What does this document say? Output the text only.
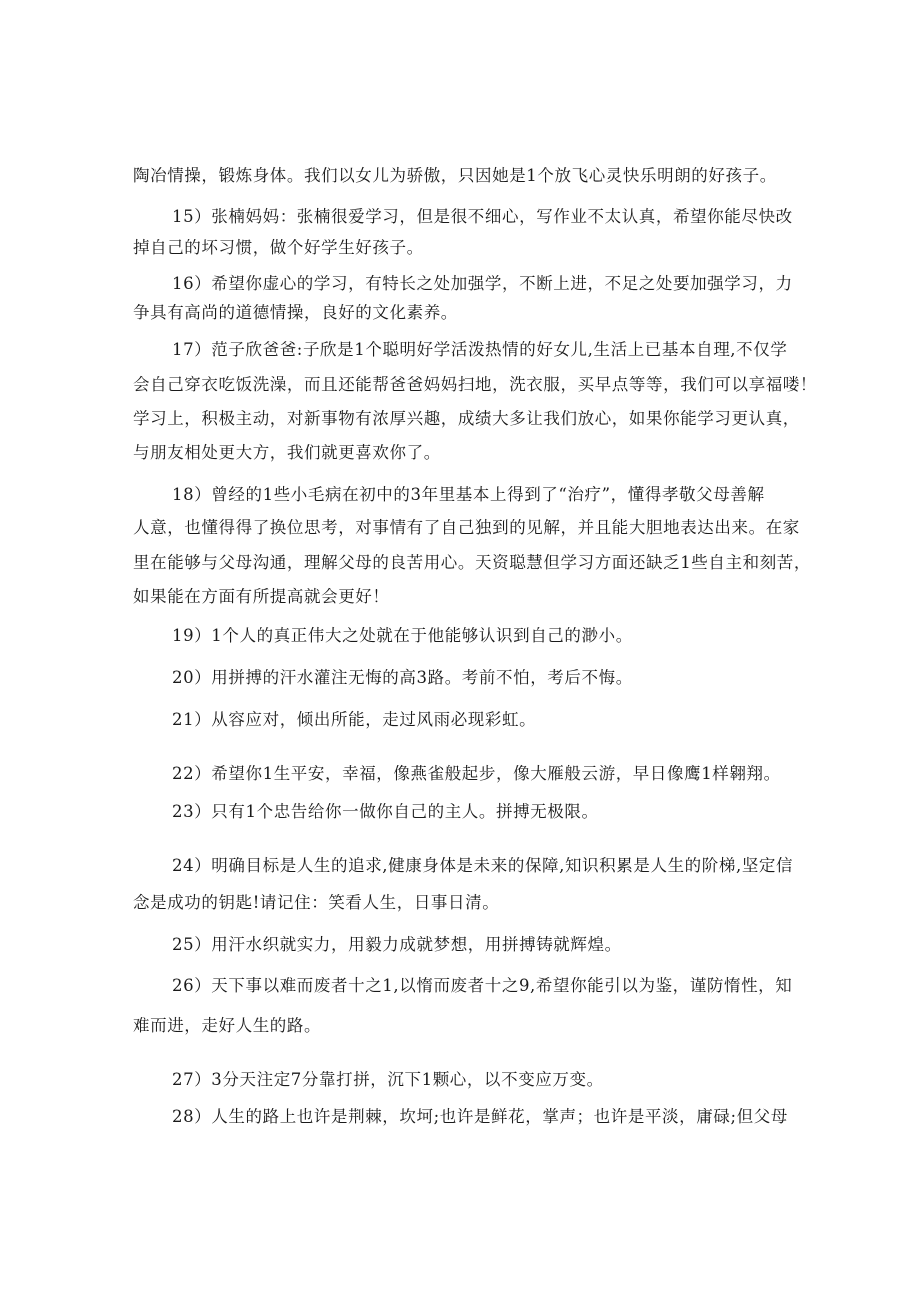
陶冶情操，锻炼身体。我们以女儿为骄傲，只因她是1个放飞心灵快乐明朗的好孩子。
15）张楠妈妈：张楠很爱学习，但是很不细心，写作业不太认真，希望你能尽快改
掉自己的坏习惯，做个好学生好孩子。
16）希望你虚心的学习，有特长之处加强学，不断上进，不足之处要加强学习，力
争具有高尚的道德情操，良好的文化素养。
17）范子欣爸爸:子欣是1个聪明好学活泼热情的好女儿,生活上已基本自理,不仅学
会自己穿衣吃饭洗澡，而且还能帮爸爸妈妈扫地，洗衣服，买早点等等，我们可以享福喽！
学习上，积极主动，对新事物有浓厚兴趣，成绩大多让我们放心，如果你能学习更认真，
与朋友相处更大方，我们就更喜欢你了。
18）曾经的1些小毛病在初中的3年里基本上得到了“治疗”，懂得孝敬父母善解
人意，也懂得得了换位思考，对事情有了自己独到的见解，并且能大胆地表达出来。在家
里在能够与父母沟通，理解父母的良苦用心。天资聪慧但学习方面还缺乏1些自主和刻苦，
如果能在方面有所提高就会更好！
19）1个人的真正伟大之处就在于他能够认识到自己的渺小。
20）用拼搏的汗水灌注无悔的高3路。考前不怕，考后不悔。
21）从容应对，倾出所能，走过风雨必现彩虹。
22）希望你1生平安，幸福，像燕雀般起步，像大雁般云游，早日像鹰1样翱翔。
23）只有1个忠告给你一做你自己的主人。拼搏无极限。
24）明确目标是人生的追求,健康身体是未来的保障,知识积累是人生的阶梯,坚定信
念是成功的钥匙!请记住：笑看人生，日事日清。
25）用汗水织就实力，用毅力成就梦想，用拼搏铸就辉煌。
26）天下事以难而废者十之1,以惰而废者十之9,希望你能引以为鉴，谨防惰性，知
难而进，走好人生的路。
27）3分天注定7分靠打拼，沉下1颗心，以不变应万变。
28）人生的路上也许是荆棘，坎坷;也许是鲜花，掌声；也许是平淡，庸碌;但父母
